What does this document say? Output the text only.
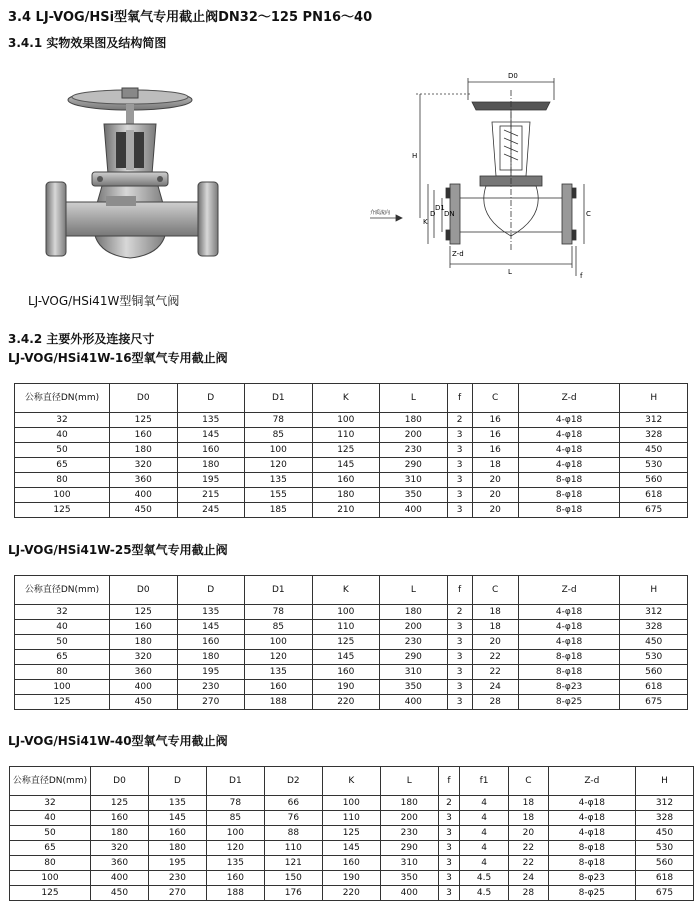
3.4 LJ-VOG/HSi型氧气专用截止阀DN32～125 PN16～40
3.4.1 实物效果图及结构简图
LJ-VOG/HSi41W型铜氧气阀
D0
H
K
D
D1
DN
Z-d
L
C
f
介质流向
3.4.2 主要外形及连接尺寸
LJ-VOG/HSi41W-16型氧气专用截止阀
公称直径DN(mm)	D0	D	D1	K	L	f	C	Z-d	H
32	125	135	78	100	180	2	16	4-φ18	312
40	160	145	85	110	200	3	16	4-φ18	328
50	180	160	100	125	230	3	16	4-φ18	450
65	320	180	120	145	290	3	18	4-φ18	530
80	360	195	135	160	310	3	20	8-φ18	560
100	400	215	155	180	350	3	20	8-φ18	618
125	450	245	185	210	400	3	20	8-φ18	675
LJ-VOG/HSi41W-25型氧气专用截止阀
公称直径DN(mm)	D0	D	D1	K	L	f	C	Z-d	H
32	125	135	78	100	180	2	18	4-φ18	312
40	160	145	85	110	200	3	18	4-φ18	328
50	180	160	100	125	230	3	20	4-φ18	450
65	320	180	120	145	290	3	22	8-φ18	530
80	360	195	135	160	310	3	22	8-φ18	560
100	400	230	160	190	350	3	24	8-φ23	618
125	450	270	188	220	400	3	28	8-φ25	675
LJ-VOG/HSi41W-40型氧气专用截止阀
公称直径DN(mm)	D0	D	D1	D2	K	L	f	f1	C	Z-d	H
32	125	135	78	66	100	180	2	4	18	4-φ18	312
40	160	145	85	76	110	200	3	4	18	4-φ18	328
50	180	160	100	88	125	230	3	4	20	4-φ18	450
65	320	180	120	110	145	290	3	4	22	8-φ18	530
80	360	195	135	121	160	310	3	4	22	8-φ18	560
100	400	230	160	150	190	350	3	4.5	24	8-φ23	618
125	450	270	188	176	220	400	3	4.5	28	8-φ25	675
